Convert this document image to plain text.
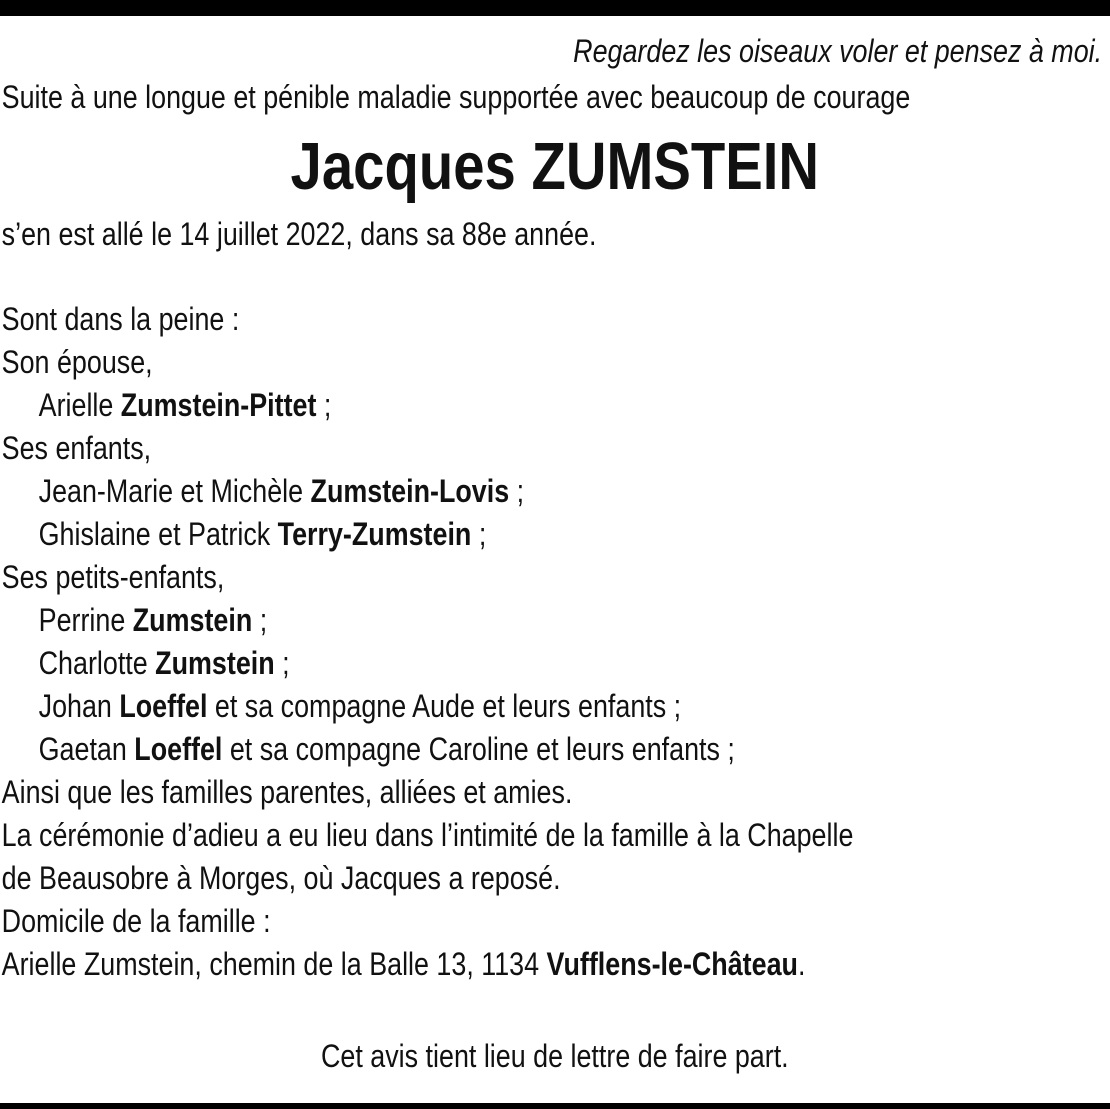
Regardez les oiseaux voler et pensez à moi.
Suite à une longue et pénible maladie supportée avec beaucoup de courage
Jacques ZUMSTEIN
s’en est allé le 14 juillet 2022, dans sa 88e année.
Sont dans la peine :
Son épouse,
Arielle Zumstein-Pittet ;
Ses enfants,
Jean-Marie et Michèle Zumstein-Lovis ;
Ghislaine et Patrick Terry-Zumstein ;
Ses petits-enfants,
Perrine Zumstein ;
Charlotte Zumstein ;
Johan Loeffel et sa compagne Aude et leurs enfants ;
Gaetan Loeffel et sa compagne Caroline et leurs enfants ;
Ainsi que les familles parentes, alliées et amies.
La cérémonie d’adieu a eu lieu dans l’intimité de la famille à la Chapelle
de Beausobre à Morges, où Jacques a reposé.
Domicile de la famille :
Arielle Zumstein, chemin de la Balle 13, 1134 Vufflens-le-Château.
Cet avis tient lieu de lettre de faire part.
